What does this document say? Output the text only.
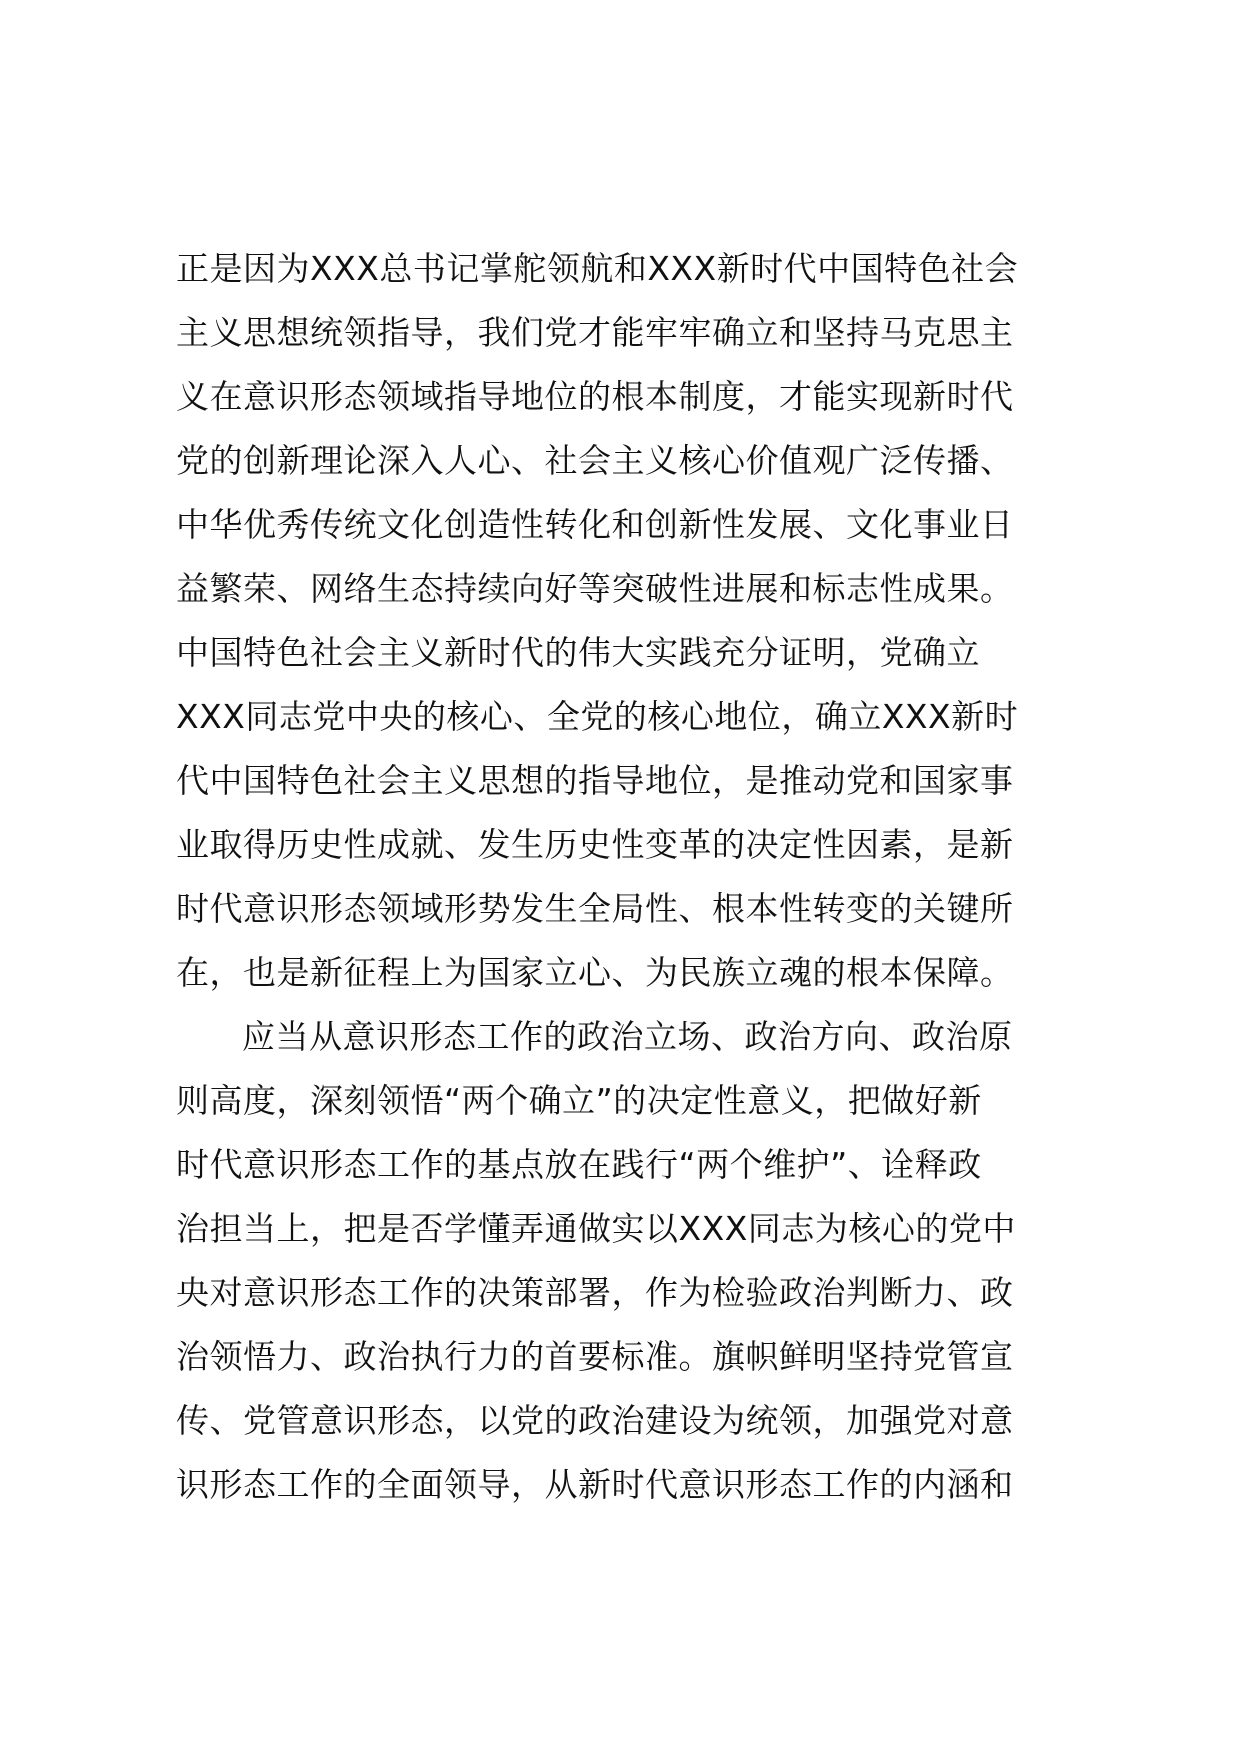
正是因为XXX总书记掌舵领航和XXX新时代中国特色社会
主义思想统领指导，我们党才能牢牢确立和坚持马克思主
义在意识形态领域指导地位的根本制度，才能实现新时代
党的创新理论深入人心、社会主义核心价值观广泛传播、
中华优秀传统文化创造性转化和创新性发展、文化事业日
益繁荣、网络生态持续向好等突破性进展和标志性成果。
中国特色社会主义新时代的伟大实践充分证明，党确立
XXX同志党中央的核心、全党的核心地位，确立XXX新时
代中国特色社会主义思想的指导地位，是推动党和国家事
业取得历史性成就、发生历史性变革的决定性因素，是新
时代意识形态领域形势发生全局性、根本性转变的关键所
在，也是新征程上为国家立心、为民族立魂的根本保障。
应当从意识形态工作的政治立场、政治方向、政治原
则高度，深刻领悟“两个确立”的决定性意义，把做好新
时代意识形态工作的基点放在践行“两个维护”、诠释政
治担当上，把是否学懂弄通做实以XXX同志为核心的党中
央对意识形态工作的决策部署，作为检验政治判断力、政
治领悟力、政治执行力的首要标准。旗帜鲜明坚持党管宣
传、党管意识形态，以党的政治建设为统领，加强党对意
识形态工作的全面领导，从新时代意识形态工作的内涵和
